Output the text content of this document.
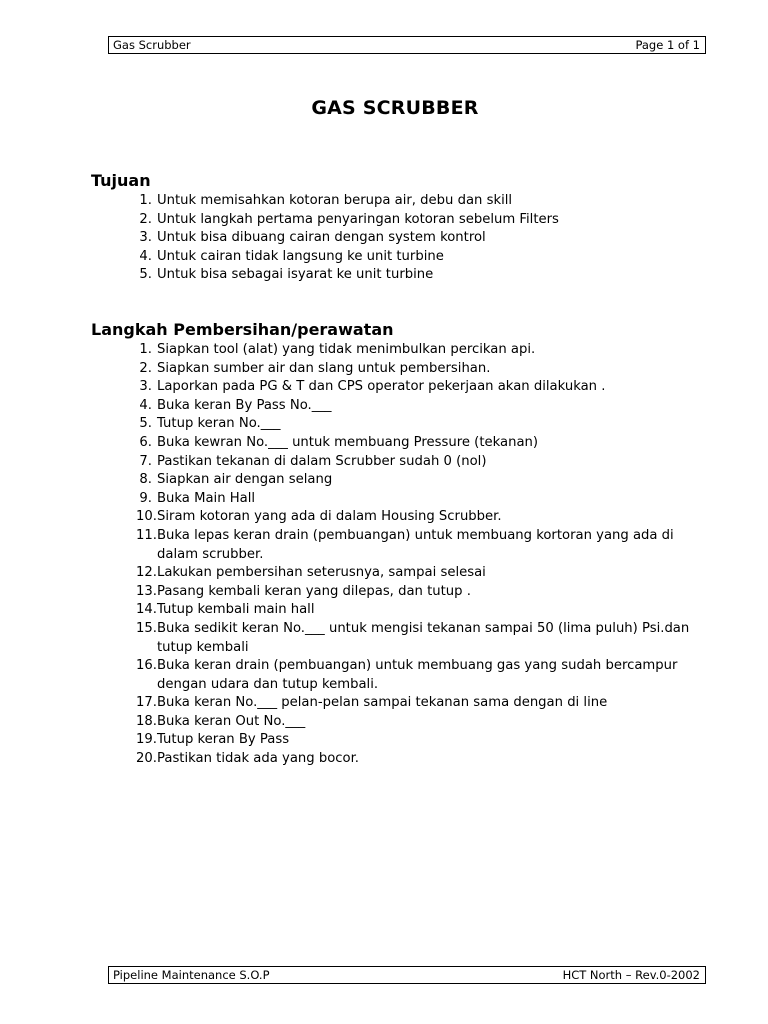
Gas Scrubber	Page 1 of 1
GAS SCRUBBER
Tujuan
1. Untuk memisahkan kotoran berupa air, debu dan skill
2. Untuk langkah pertama penyaringan kotoran sebelum Filters
3. Untuk bisa dibuang cairan dengan system kontrol
4. Untuk cairan tidak langsung ke unit turbine
5. Untuk bisa sebagai isyarat ke unit turbine
Langkah Pembersihan/perawatan
1. Siapkan tool (alat) yang tidak menimbulkan percikan api.
2. Siapkan sumber air dan slang untuk pembersihan.
3. Laporkan pada PG & T dan CPS operator pekerjaan akan dilakukan .
4. Buka keran By Pass No.___
5. Tutup keran No.___
6. Buka kewran No.___ untuk membuang Pressure (tekanan)
7. Pastikan tekanan di dalam Scrubber sudah 0 (nol)
8. Siapkan air dengan selang
9. Buka Main Hall
10. Siram kotoran yang ada di dalam Housing Scrubber.
11. Buka lepas keran drain (pembuangan) untuk membuang kortoran yang ada di dalam scrubber.
12. Lakukan pembersihan seterusnya, sampai selesai
13. Pasang kembali keran yang dilepas, dan tutup .
14. Tutup kembali main hall
15. Buka sedikit keran No.___ untuk mengisi tekanan sampai 50 (lima puluh) Psi.dan tutup kembali
16. Buka keran drain (pembuangan) untuk membuang gas yang sudah bercampur dengan udara dan tutup kembali.
17. Buka keran No.___ pelan-pelan sampai tekanan sama dengan di line
18. Buka keran Out No.___
19. Tutup keran By Pass
20. Pastikan tidak ada yang bocor.
Pipeline Maintenance S.O.P	HCT North – Rev.0-2002
